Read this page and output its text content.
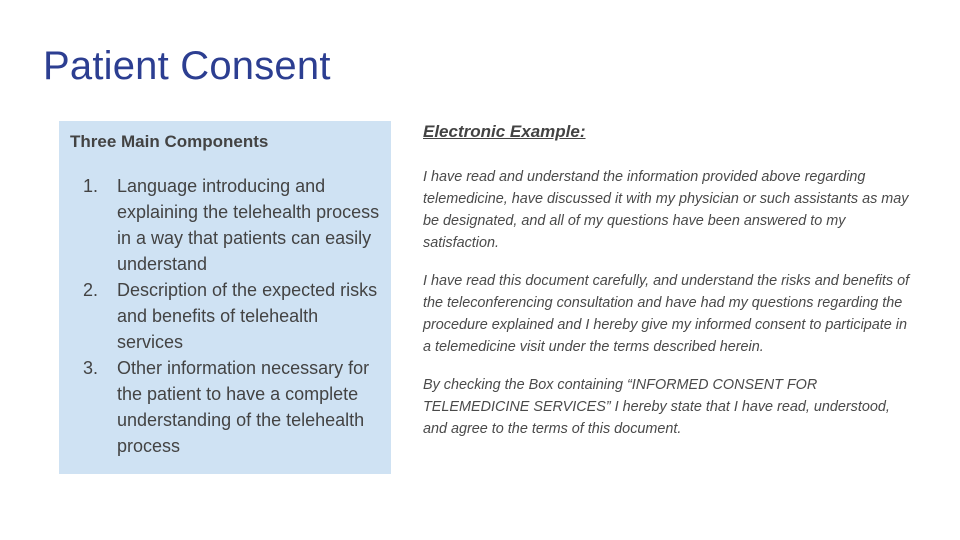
Patient Consent
Three Main Components
1.	Language introducing and explaining the telehealth process in a way that patients can easily understand
2.	Description of the expected risks and benefits of telehealth services
3.	Other information necessary for the patient to have a complete understanding of the telehealth process
Electronic Example:

I have read and understand the information provided above regarding telemedicine, have discussed it with my physician or such assistants as may be designated, and all of my questions have been answered to my satisfaction.

I have read this document carefully, and understand the risks and benefits of the teleconferencing consultation and have had my questions regarding the procedure explained and I hereby give my informed consent to participate in a telemedicine visit under the terms described herein.

By checking the Box containing “INFORMED CONSENT FOR TELEMEDICINE SERVICES” I hereby state that I have read, understood, and agree to the terms of this document.
